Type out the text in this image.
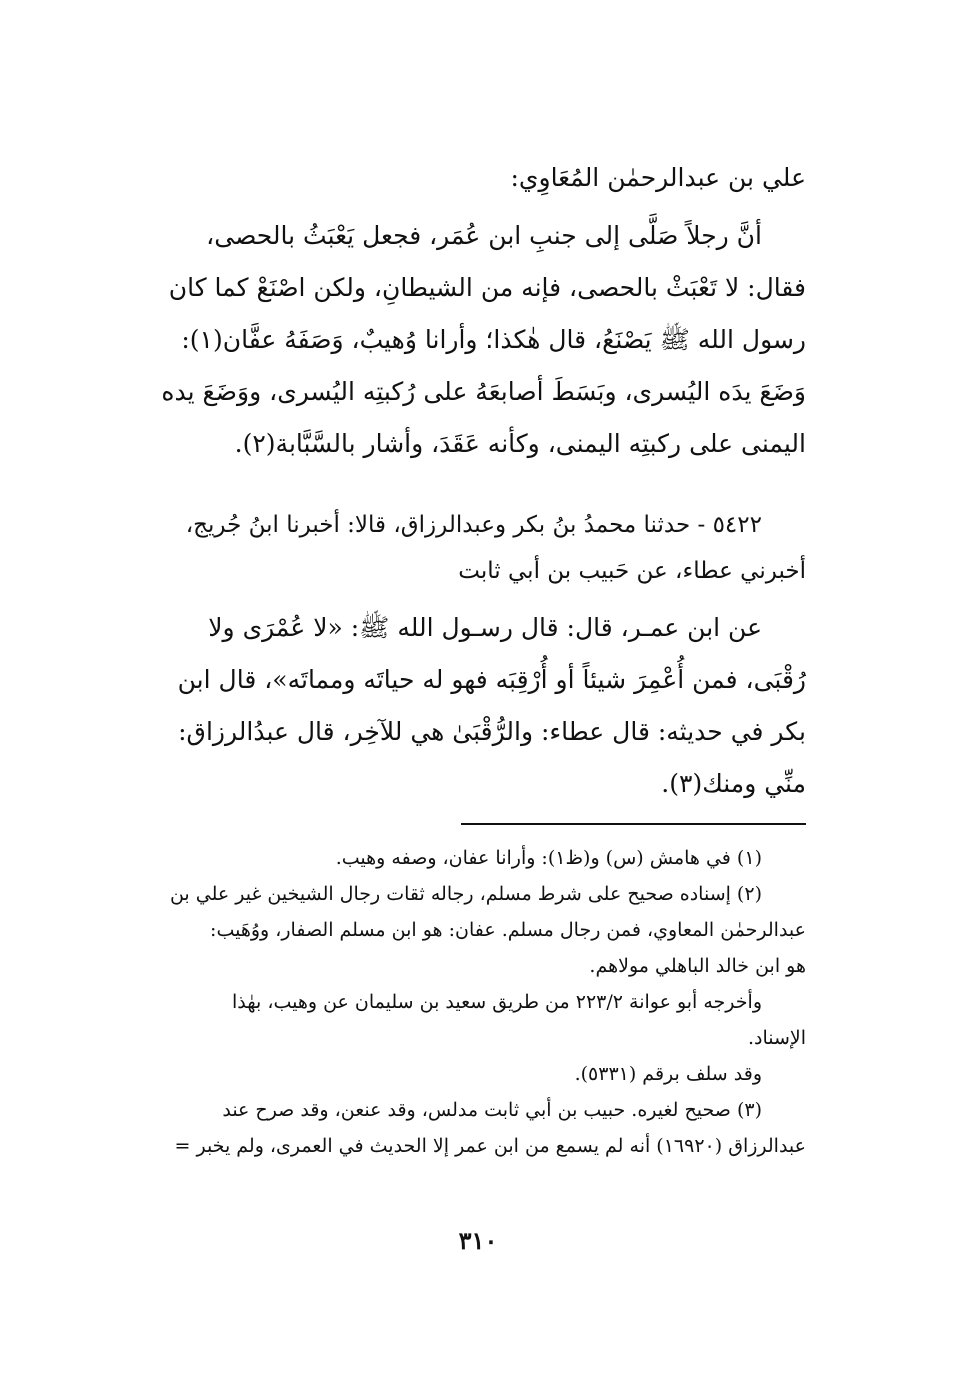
علي بن عبدالرحمٰن المُعَاوِي:
أنَّ رجلاً صَلَّى إلى جنبِ ابن عُمَر، فجعل يَعْبَثُ بالحصى،
فقال: لا تَعْبَثْ بالحصى، فإنه من الشيطانِ، ولكن اصْنَعْ كما كان
رسول الله ﷺ يَصْنَعُ، قال هٰكذا؛ وأرانا وُهيبٌ، وَصَفَهُ عفَّان(١):
وَضَعَ يدَه اليُسرى، وبَسَطَ أصابعَهُ على رُكبتِه اليُسرى، ووَضَعَ يده
اليمنى على ركبتِه اليمنى، وكأنه عَقَدَ، وأشار بالسَّبَّابة(٢).
٥٤٢٢ - حدثنا محمدُ بنُ بكر وعبدالرزاق، قالا: أخبرنا ابنُ جُريج،
أخبرني عطاء، عن حَبيب بن أبي ثابت
عن ابن عمـر، قال: قال رسـول الله ﷺ: «لا عُمْرَى ولا
رُقْبَى، فمن أُعْمِرَ شيئاً أو أُرْقِبَه فهو له حياتَه ومماتَه»، قال ابن
بكر في حديثه: قال عطاء: والرُّقْبَىٰ هي للآخِر، قال عبدُالرزاق:
منِّي ومنك(٣).
(١) في هامش (س) و(ظ١): وأرانا عفان، وصفه وهيب.
(٢) إسناده صحيح على شرط مسلم، رجاله ثقات رجال الشيخين غير علي بن
عبدالرحمٰن المعاوي، فمن رجال مسلم. عفان: هو ابن مسلم الصفار، ووُهَيب:
هو ابن خالد الباهلي مولاهم.
وأخرجه أبو عوانة ٢٢٣/٢ من طريق سعيد بن سليمان عن وهيب، بهٰذا
الإسناد.
وقد سلف برقم (٥٣٣١).
(٣) صحيح لغيره. حبيب بن أبي ثابت مدلس، وقد عنعن، وقد صرح عند
عبدالرزاق (١٦٩٢٠) أنه لم يسمع من ابن عمر إلا الحديث في العمرى، ولم يخبر =
٣١٠
